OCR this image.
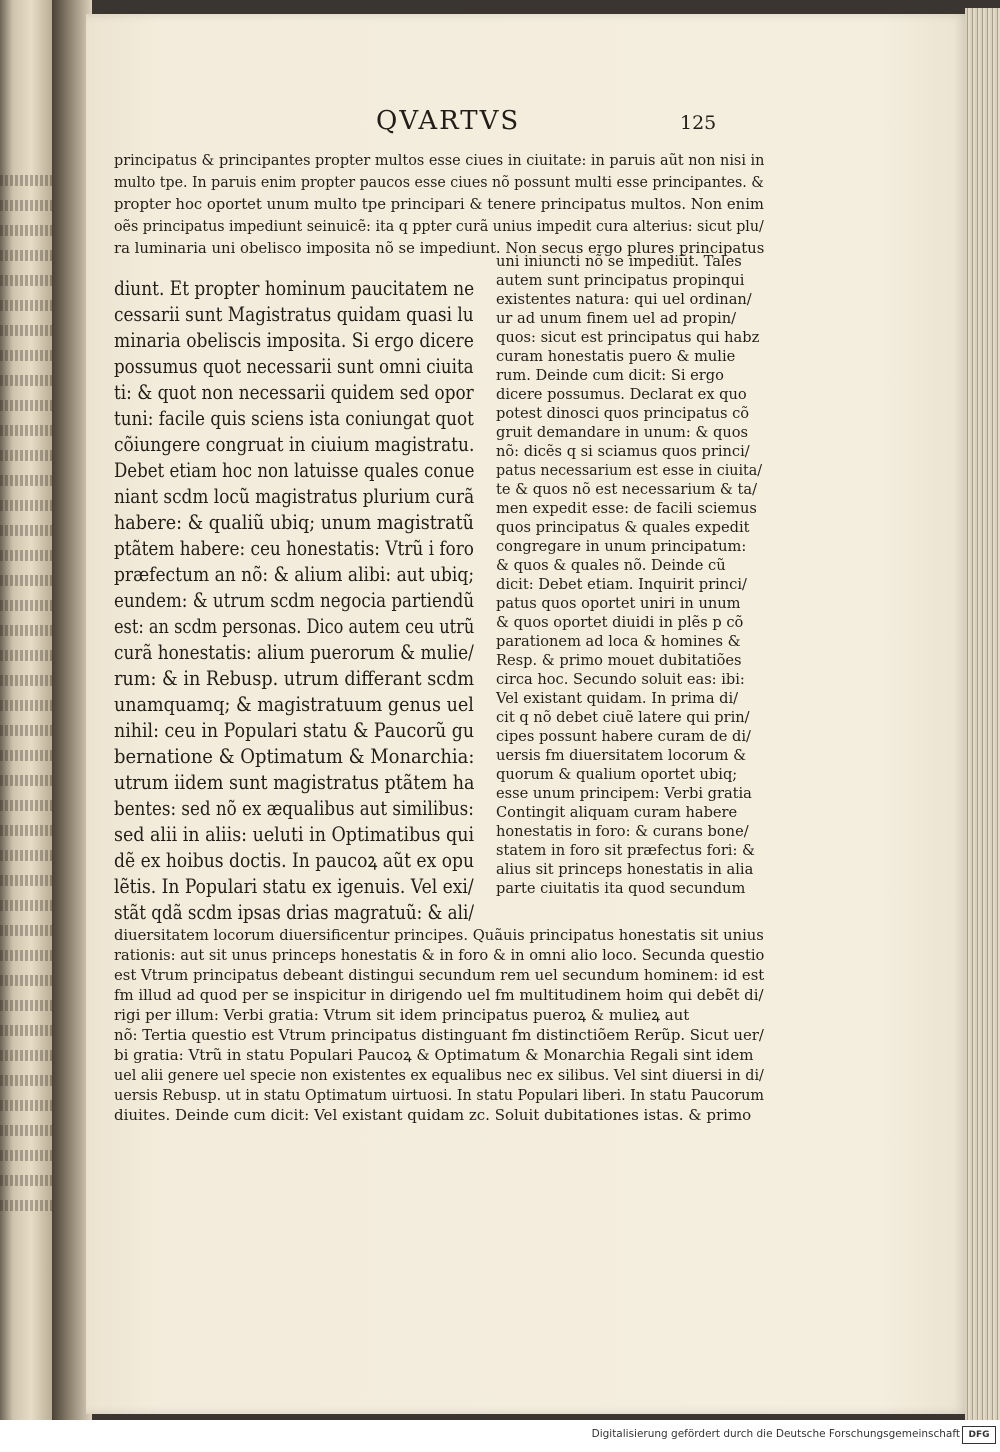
QVARTVS	125
principatus & principantes propter multos esse ciues in ciuitate: in paruis aũt non nisi in
multo tpe. In paruis enim propter paucos esse ciues nõ possunt multi esse principantes. &
propter hoc oportet unum multo tpe principari & tenere principatus multos. Non enim
oẽs principatus impediunt seinuicẽ: ita q ppter curã unius impedit cura alterius: sicut plu/
ra luminaria uni obelisco imposita nõ se impediunt. Non secus ergo plures principatus
diunt. Et propter hominum paucitatem ne
cessarii sunt Magistratus quidam quasi lu
minaria obeliscis imposita. Si ergo dicere
possumus quot necessarii sunt omni ciuita
ti: & quot non necessarii quidem sed opor
tuni: facile quis sciens ista coniungat quot
cõiungere congruat in ciuium magistratu.
Debet etiam hoc non latuisse quales conue
niant scdm locũ magistratus plurium curã
habere: & qualiũ ubiq; unum magistratũ
ptãtem habere: ceu honestatis: Vtrũ i foro
præfectum an nõ: & alium alibi: aut ubiq;
eundem: & utrum scdm negocia partiendũ
est: an scdm personas. Dico autem ceu utrũ
curã honestatis: alium puerorum & mulie/
rum: & in Rebusp. utrum differant scdm
unamquamq; & magistratuum genus uel
nihil: ceu in Populari statu & Paucorũ gu
bernatione & Optimatum & Monarchia:
utrum iidem sunt magistratus ptãtem ha
bentes: sed nõ ex æqualibus aut similibus:
sed alii in aliis: ueluti in Optimatibus qui
dẽ ex hoibus doctis. In paucoꝝ aũt ex opu
lẽtis. In Populari statu ex igenuis. Vel exi/
stãt qdã scdm ipsas drias magratuũ: & ali/
uni iniuncti nõ se impediũt. Tales
autem sunt principatus propinqui
existentes natura: qui uel ordinan/
ur ad unum finem uel ad propin/
quos: sicut est principatus qui habz
curam honestatis puero & mulie
rum. Deinde cum dicit: Si ergo
dicere possumus. Declarat ex quo
potest dinosci quos principatus cõ
gruit demandare in unum: & quos
nõ: dicẽs q si sciamus quos princi/
patus necessarium est esse in ciuita/
te & quos nõ est necessarium & ta/
men expedit esse: de facili sciemus
quos principatus & quales expedit
congregare in unum principatum:
& quos & quales nõ. Deinde cũ
dicit: Debet etiam. Inquirit princi/
patus quos oportet uniri in unum
& quos oportet diuidi in plẽs p cõ
parationem ad loca & homines &
Resp. & primo mouet dubitatiões
circa hoc. Secundo soluit eas: ibi:
Vel existant quidam. In prima di/
cit q nõ debet ciuẽ latere qui prin/
cipes possunt habere curam de di/
uersis fm diuersitatem locorum &
quorum & qualium oportet ubiq;
esse unum principem: Verbi gratia
Contingit aliquam curam habere
honestatis in foro: & curans bone/
statem in foro sit præfectus fori: &
alius sit princeps honestatis in alia
parte ciuitatis ita quod secundum
diuersitatem locorum diuersificentur principes. Quãuis principatus honestatis sit unius
rationis: aut sit unus princeps honestatis & in foro & in omni alio loco. Secunda questio
est Vtrum principatus debeant distingui secundum rem uel secundum hominem: id est
fm illud ad quod per se inspicitur in dirigendo uel fm multitudinem hoim qui debẽt di/
rigi per illum: Verbi gratia: Vtrum sit idem principatus pueroꝝ & mulieꝝ aut
nõ: Tertia questio est Vtrum principatus distinguant fm distinctiõem Rerũp. Sicut uer/
bi gratia: Vtrũ in statu Populari Paucoꝝ & Optimatum & Monarchia Regali sint idem
uel alii genere uel specie non existentes ex equalibus nec ex silibus. Vel sint diuersi in di/
uersis Rebusp. ut in statu Optimatum uirtuosi. In statu Populari liberi. In statu Paucorum
diuites. Deinde cum dicit: Vel existant quidam zc. Soluit dubitationes istas. & primo
Digitalisierung gefördert durch die Deutsche Forschungsgemeinschaft DFG
